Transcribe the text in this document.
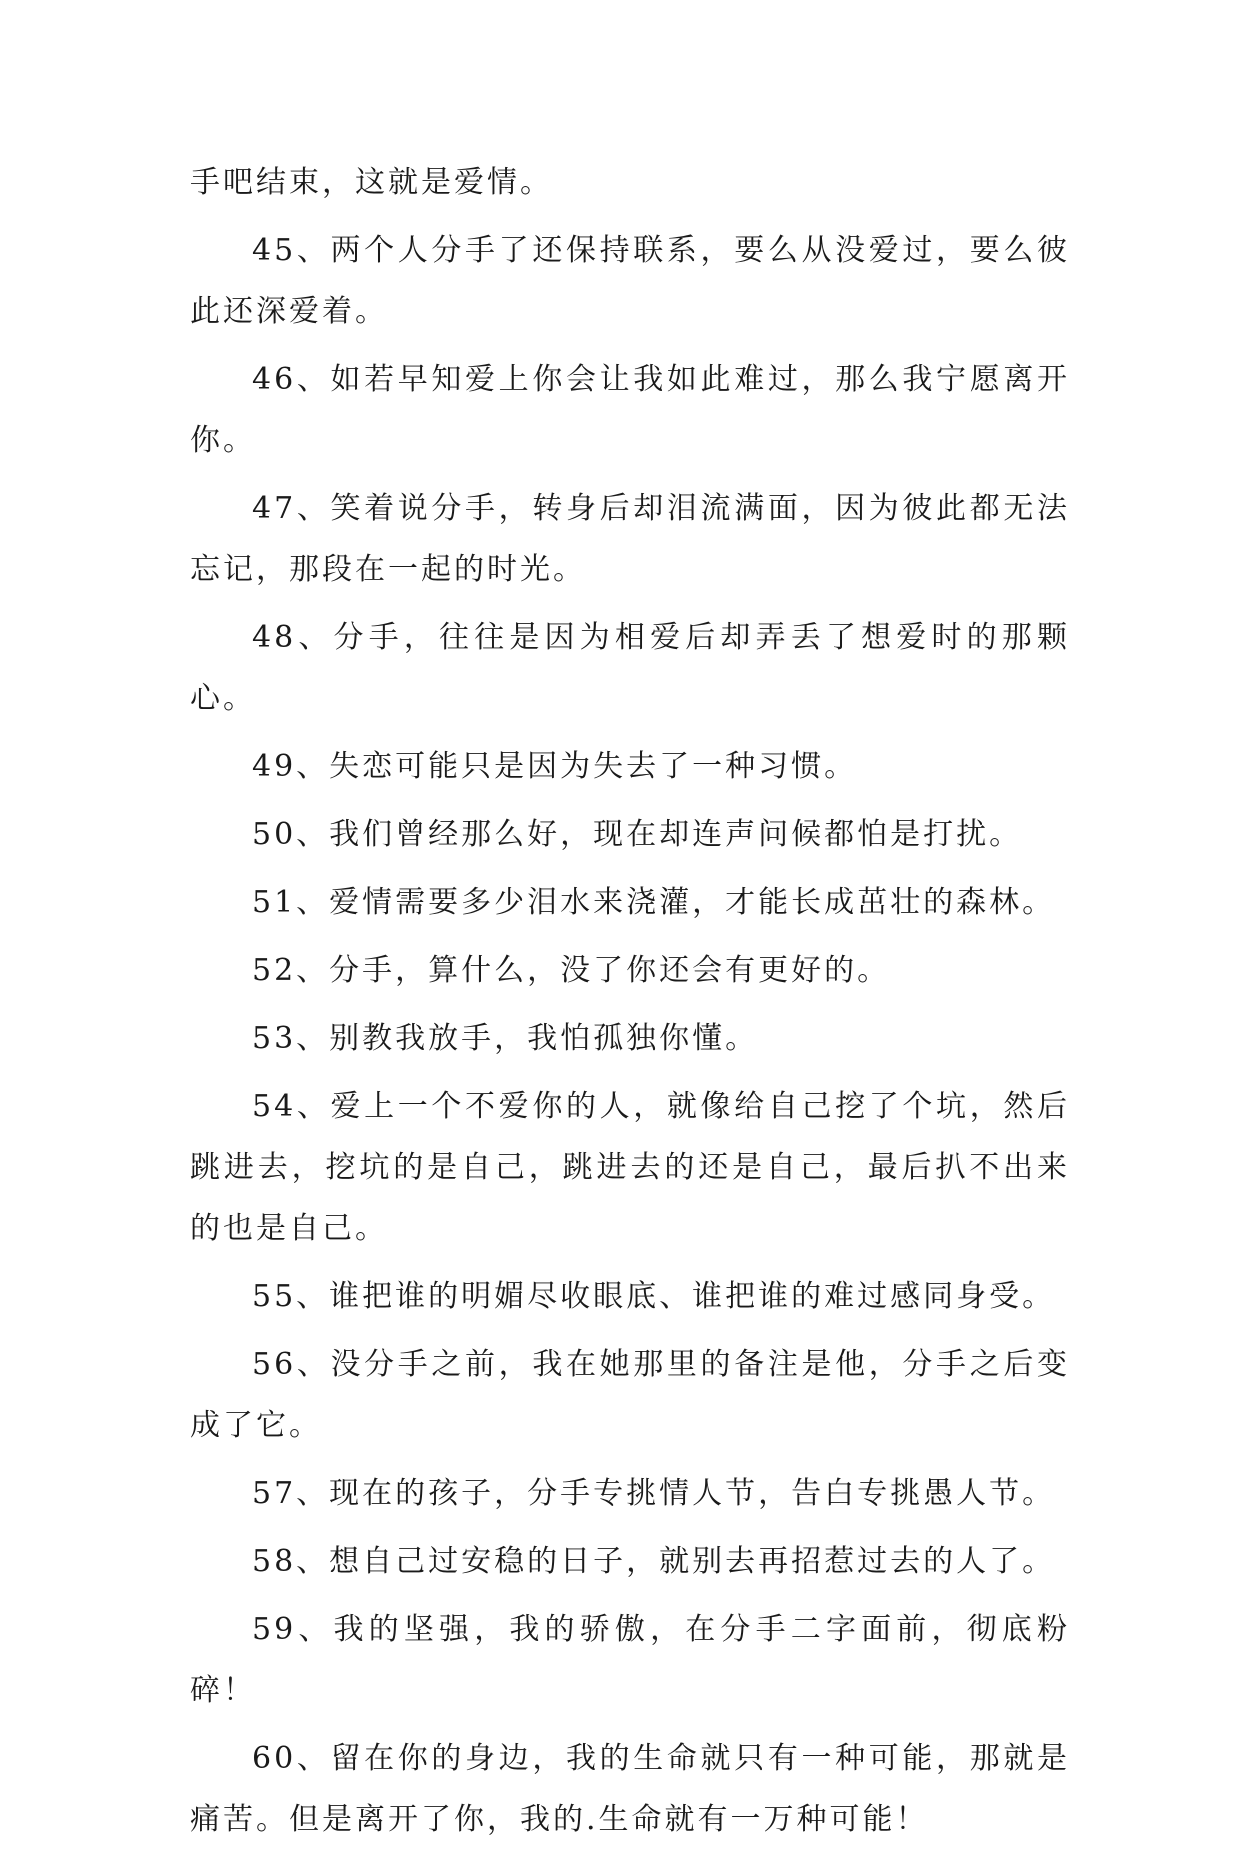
手吧结束，这就是爱情。

45、两个人分手了还保持联系，要么从没爱过，要么彼此还深爱着。

46、如若早知爱上你会让我如此难过，那么我宁愿离开你。

47、笑着说分手，转身后却泪流满面，因为彼此都无法忘记，那段在一起的时光。

48、分手，往往是因为相爱后却弄丢了想爱时的那颗心。

49、失恋可能只是因为失去了一种习惯。

50、我们曾经那么好，现在却连声问候都怕是打扰。

51、爱情需要多少泪水来浇灌，才能长成茁壮的森林。

52、分手，算什么，没了你还会有更好的。

53、别教我放手，我怕孤独你懂。

54、爱上一个不爱你的人，就像给自己挖了个坑，然后跳进去，挖坑的是自己，跳进去的还是自己，最后扒不出来的也是自己。

55、谁把谁的明媚尽收眼底、谁把谁的难过感同身受。

56、没分手之前，我在她那里的备注是他，分手之后变成了它。

57、现在的孩子，分手专挑情人节，告白专挑愚人节。

58、想自己过安稳的日子，就别去再招惹过去的人了。

59、我的坚强，我的骄傲，在分手二字面前，彻底粉碎！

60、留在你的身边，我的生命就只有一种可能，那就是痛苦。但是离开了你，我的.生命就有一万种可能！
